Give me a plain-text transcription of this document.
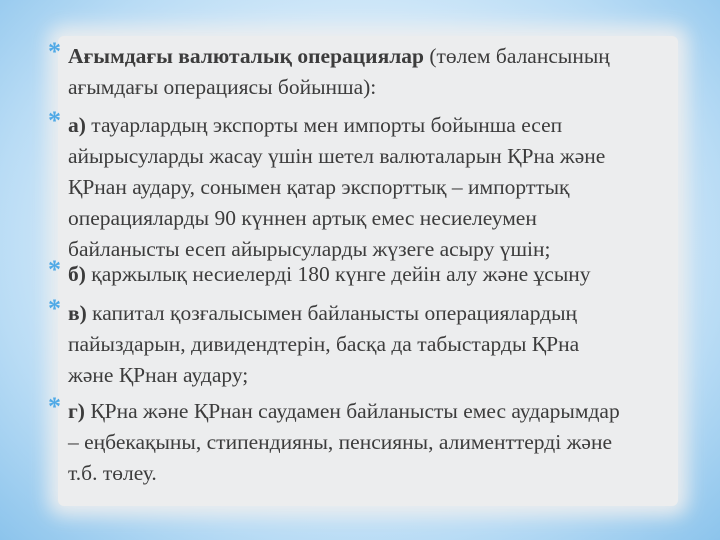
* Ағымдағы валюталық операциялар (төлем балансының
ағымдағы операциясы бойынша):
* а) тауарлардың экспорты мен импорты бойынша есеп
айырысуларды жасау үшін шетел валюталарын ҚРна және
ҚРнан аудару, сонымен қатар экспорттық – импорттық
операцияларды 90 күннен артық емес несиелеумен
байланысты есеп айырысуларды жүзеге асыру үшін;
* б) қаржылық несиелерді 180 күнге дейін алу және ұсыну
* в) капитал қозғалысымен байланысты операциялардың
пайыздарын, дивидендтерін, басқа да табыстарды ҚРна
және ҚРнан аудару;
* г) ҚРна және ҚРнан саудамен байланысты емес аударымдар
– еңбекақыны, стипендияны, пенсияны, алименттерді және
т.б. төлеу.
